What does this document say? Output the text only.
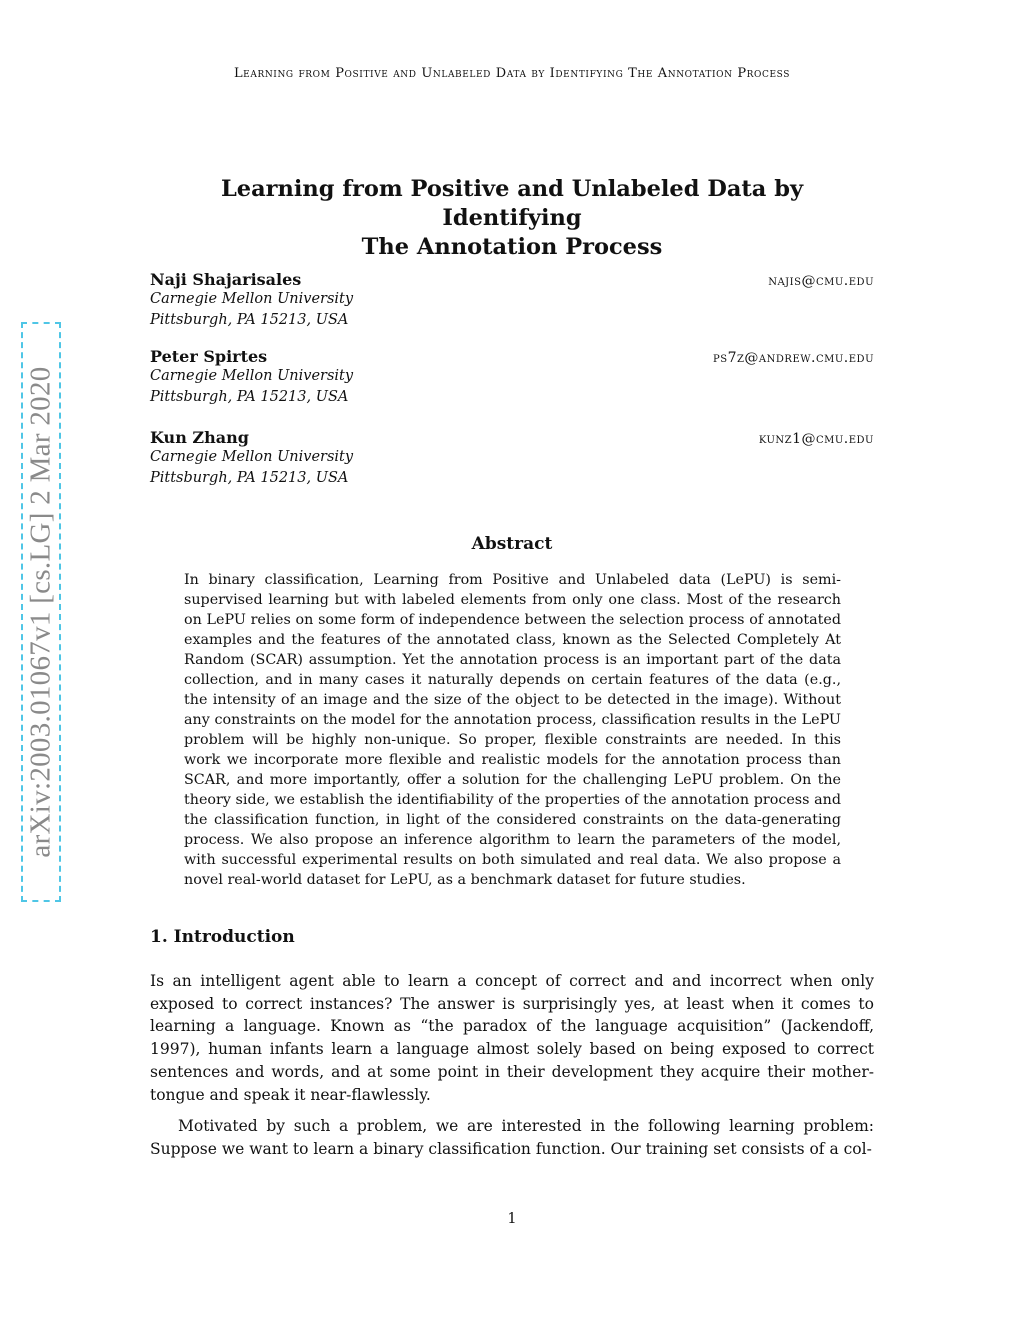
Learning from Positive and Unlabeled Data by Identifying The Annotation Process
arXiv:2003.01067v1 [cs.LG] 2 Mar 2020
Learning from Positive and Unlabeled Data by Identifying
The Annotation Process
Naji Shajarisales	najis@cmu.edu
Carnegie Mellon University
Pittsburgh, PA 15213, USA
Peter Spirtes	ps7z@andrew.cmu.edu
Carnegie Mellon University
Pittsburgh, PA 15213, USA
Kun Zhang	kunz1@cmu.edu
Carnegie Mellon University
Pittsburgh, PA 15213, USA
Abstract
In binary classification, Learning from Positive and Unlabeled data (LePU) is semi-supervised learning but with labeled elements from only one class. Most of the research on LePU relies on some form of independence between the selection process of annotated examples and the features of the annotated class, known as the Selected Completely At Random (SCAR) assumption. Yet the annotation process is an important part of the data collection, and in many cases it naturally depends on certain features of the data (e.g., the intensity of an image and the size of the object to be detected in the image). Without any constraints on the model for the annotation process, classification results in the LePU problem will be highly non-unique. So proper, flexible constraints are needed. In this work we incorporate more flexible and realistic models for the annotation process than SCAR, and more importantly, offer a solution for the challenging LePU problem. On the theory side, we establish the identifiability of the properties of the annotation process and the classification function, in light of the considered constraints on the data-generating process. We also propose an inference algorithm to learn the parameters of the model, with successful experimental results on both simulated and real data. We also propose a novel real-world dataset for LePU, as a benchmark dataset for future studies.
1. Introduction
Is an intelligent agent able to learn a concept of correct and and incorrect when only exposed to correct instances? The answer is surprisingly yes, at least when it comes to learning a language. Known as “the paradox of the language acquisition” (Jackendoff, 1997), human infants learn a language almost solely based on being exposed to correct sentences and words, and at some point in their development they acquire their mother-tongue and speak it near-flawlessly.
Motivated by such a problem, we are interested in the following learning problem: Suppose we want to learn a binary classification function. Our training set consists of a col-
1
